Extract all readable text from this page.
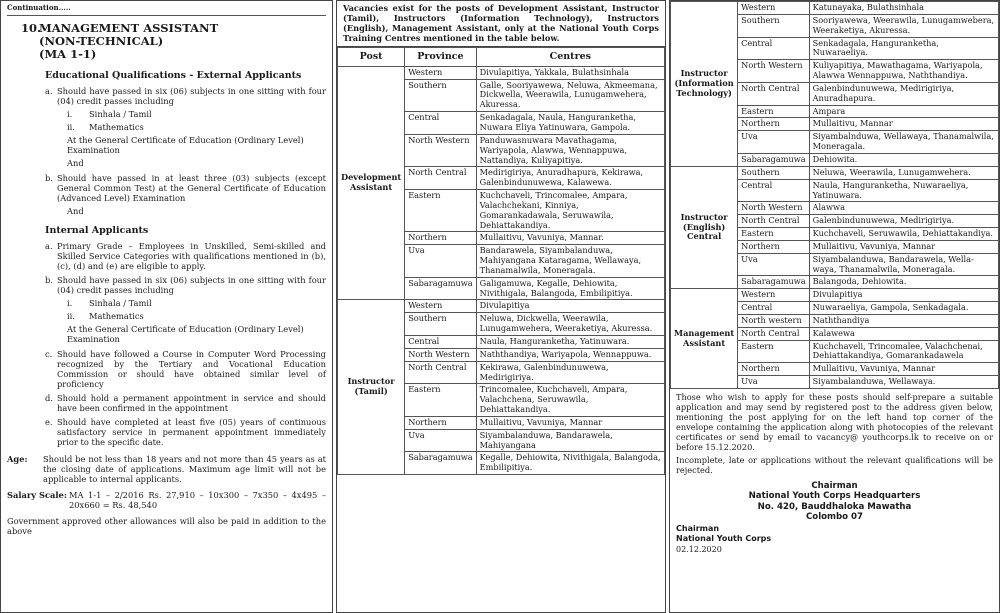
Continuation.....
10.
MANAGEMENT ASSISTANT
(NON-TECHNICAL)
(MA 1-1)
Educational Qualifications - External Applicants
a. Should have passed in six (06) subjects in one sitting with four (04) credit passes including
i.	Sinhala / Tamil
ii.	Mathematics
At the General Certificate of Education (Ordinary Level) Examination
And
b. Should have passed in at least three (03) subjects (except General Common Test) at the General Certificate of Education (Advanced Level) Examination
And
Internal Applicants
a. Primary Grade – Employees in Unskilled, Semi-skilled and Skilled Service Categories with qualifications mentioned in (b), (c), (d) and (e) are eligible to apply.
b. Should have passed in six (06) subjects in one sitting with four (04) credit passes including
i.	Sinhala / Tamil
ii.	Mathematics
At the General Certificate of Education (Ordinary Level) Examination
c. Should have followed a Course in Computer Word Processing recognized by the Tertiary and Vocational Education Commission or should have obtained similar level of proficiency
d. Should hold a permanent appointment in service and should have been confirmed in the appointment
e. Should have completed at least five (05) years of continuous satisfactory service in permanent appointment immediately prior to the specific date.
Age:	Should be not less than 18 years and not more than 45 years as at the closing date of applications. Maximum age limit will not be applicable to internal applicants.
Salary Scale: MA 1-1 – 2/2016 Rs. 27,910 – 10x300 – 7x350 – 4x495 – 20x660 = Rs. 48,540
Government approved other allowances will also be paid in addition to the above
Vacancies exist for the posts of Development Assistant, Instructor (Tamil), Instructors (Information Technology), Instructors (English), Management Assistant, only at the National Youth Corps Training Centres mentioned in the table below.
Post	Province	Centres
Development Assistant	Western	Divulapitiya, Yakkala, Bulathsinhala
	Southern	Galle, Sooriyawewa, Neluwa, Akmeemana, Dickwella, Weerawila, Lunugamwehera, Akuressa.
	Central	Senkadagala, Naula, Hanguranketha, Nuwara Eliya Yatinuwara, Gampola.
	North Western	Panduwasnuwara Mavathagama, Wariyapola, Alawwa, Wennappuwa, Nattandiya, Kuliyapitiya.
	North Central	Medirigiriya, Anuradhapura, Kekirawa, Galenbindunuwewa, Kalawewa.
	Eastern	Kuchchaveli, Trincomalee, Ampara, Valachchekani, Kinniya, Gomarankadawala, Seruwawila, Dehiattakandiya.
	Northern	Mullaitivu, Vavuniya, Mannar.
	Uva	Bandarawela, Siyambalanduwa, Mahiyangana Kataragama, Wellawaya, Thanamalwila, Moneragala.
	Sabaragamuwa	Galigamuwa, Kegalle, Dehiowita, Nivithigala, Balangoda, Embilipitiya.
Instructor (Tamil)	Western	Divulapitiya
	Southern	Neluwa, Dickwella, Weerawila, Lunugamwehera, Weeraketiya, Akuressa.
	Central	Naula, Hanguranketha, Yatinuwara.
	North Western	Naththandiya, Wariyapola, Wennappuwa.
	North Central	Kekirawa, Galenbindunuwewa, Medirigiriya.
	Eastern	Trincomalee, Kuchchaveli, Ampara, Valachchena, Seruwawila, Dehiattakandiya.
	Northern	Mullaitivu, Vavuniya, Mannar
	Uva	Siyambalanduwa, Bandarawela, Mahiyangana
	Sabaragamuwa	Kegalle, Dehiowita, Nivithigala, Balangoda, Embilipitiya.
Instructor (Information Technology)	Western	Katunayaka, Bulathsinhala
	Southern	Sooriyawewa, Weerawila, Lunugamwebera, Weeraketiya, Akuressa.
	Central	Senkadagala, Hanguranketha, Nuwaraeliya.
	North Western	Kuliyapitiya, Mawathagama, Wariyapola, Alawwa Wennappuwa, Naththandiya.
	North Central	Galenbindunuwewa, Medirigiriya, Anuradhapura.
	Eastern	Ampara
	Northern	Mullaitivu, Mannar
	Uva	Siyambalnduwa, Wellawaya, Thanamalwila, Moneragala.
	Sabaragamuwa	Dehiowita.
Instructor (English) Central	Southern	Neluwa, Weerawila, Lunugamwehera.
	Central	Naula, Hanguranketha, Nuwaraeliya, Yatinuwara.
	North Western	Alawwa
	North Central	Galenbindunuwewa, Medirigiriya.
	Eastern	Kuchchaveli, Seruwawila, Dehiattakandiya.
	Northern	Mullaitivu, Vavuniya, Mannar
	Uva	Siyambalanduwa, Bandarawela, Wella-waya, Thanamalwila, Moneragala.
	Sabaragamuwa	Balangoda, Dehiowita.
Management Assistant	Western	Divulapitiya
	Central	Nuwaraeliya, Gampola, Senkadagala.
	North western	Naththandiya
	North Central	Kalawewa
	Eastern	Kuchchaveli, Trincomalee, Valachchenai, Dehiattakandiya, Gomarankadawela
	Northern	Mullaitivu, Vavuniya, Mannar
	Uva	Siyambalanduwa, Wellawaya.
Those who wish to apply for these posts should self-prepare a suitable application and may send by registered post to the address given below, mentioning the post applying for on the left hand top corner of the envelope containing the application along with photocopies of the relevant certificates or send by email to vacancy@ youthcorps.lk to receive on or before 15.12.2020.
Incomplete, late or applications without the relevant qualifications will be rejected.
Chairman
National Youth Corps Headquarters
No. 420, Bauddhaloka Mawatha
Colombo 07
Chairman
National Youth Corps
02.12.2020
